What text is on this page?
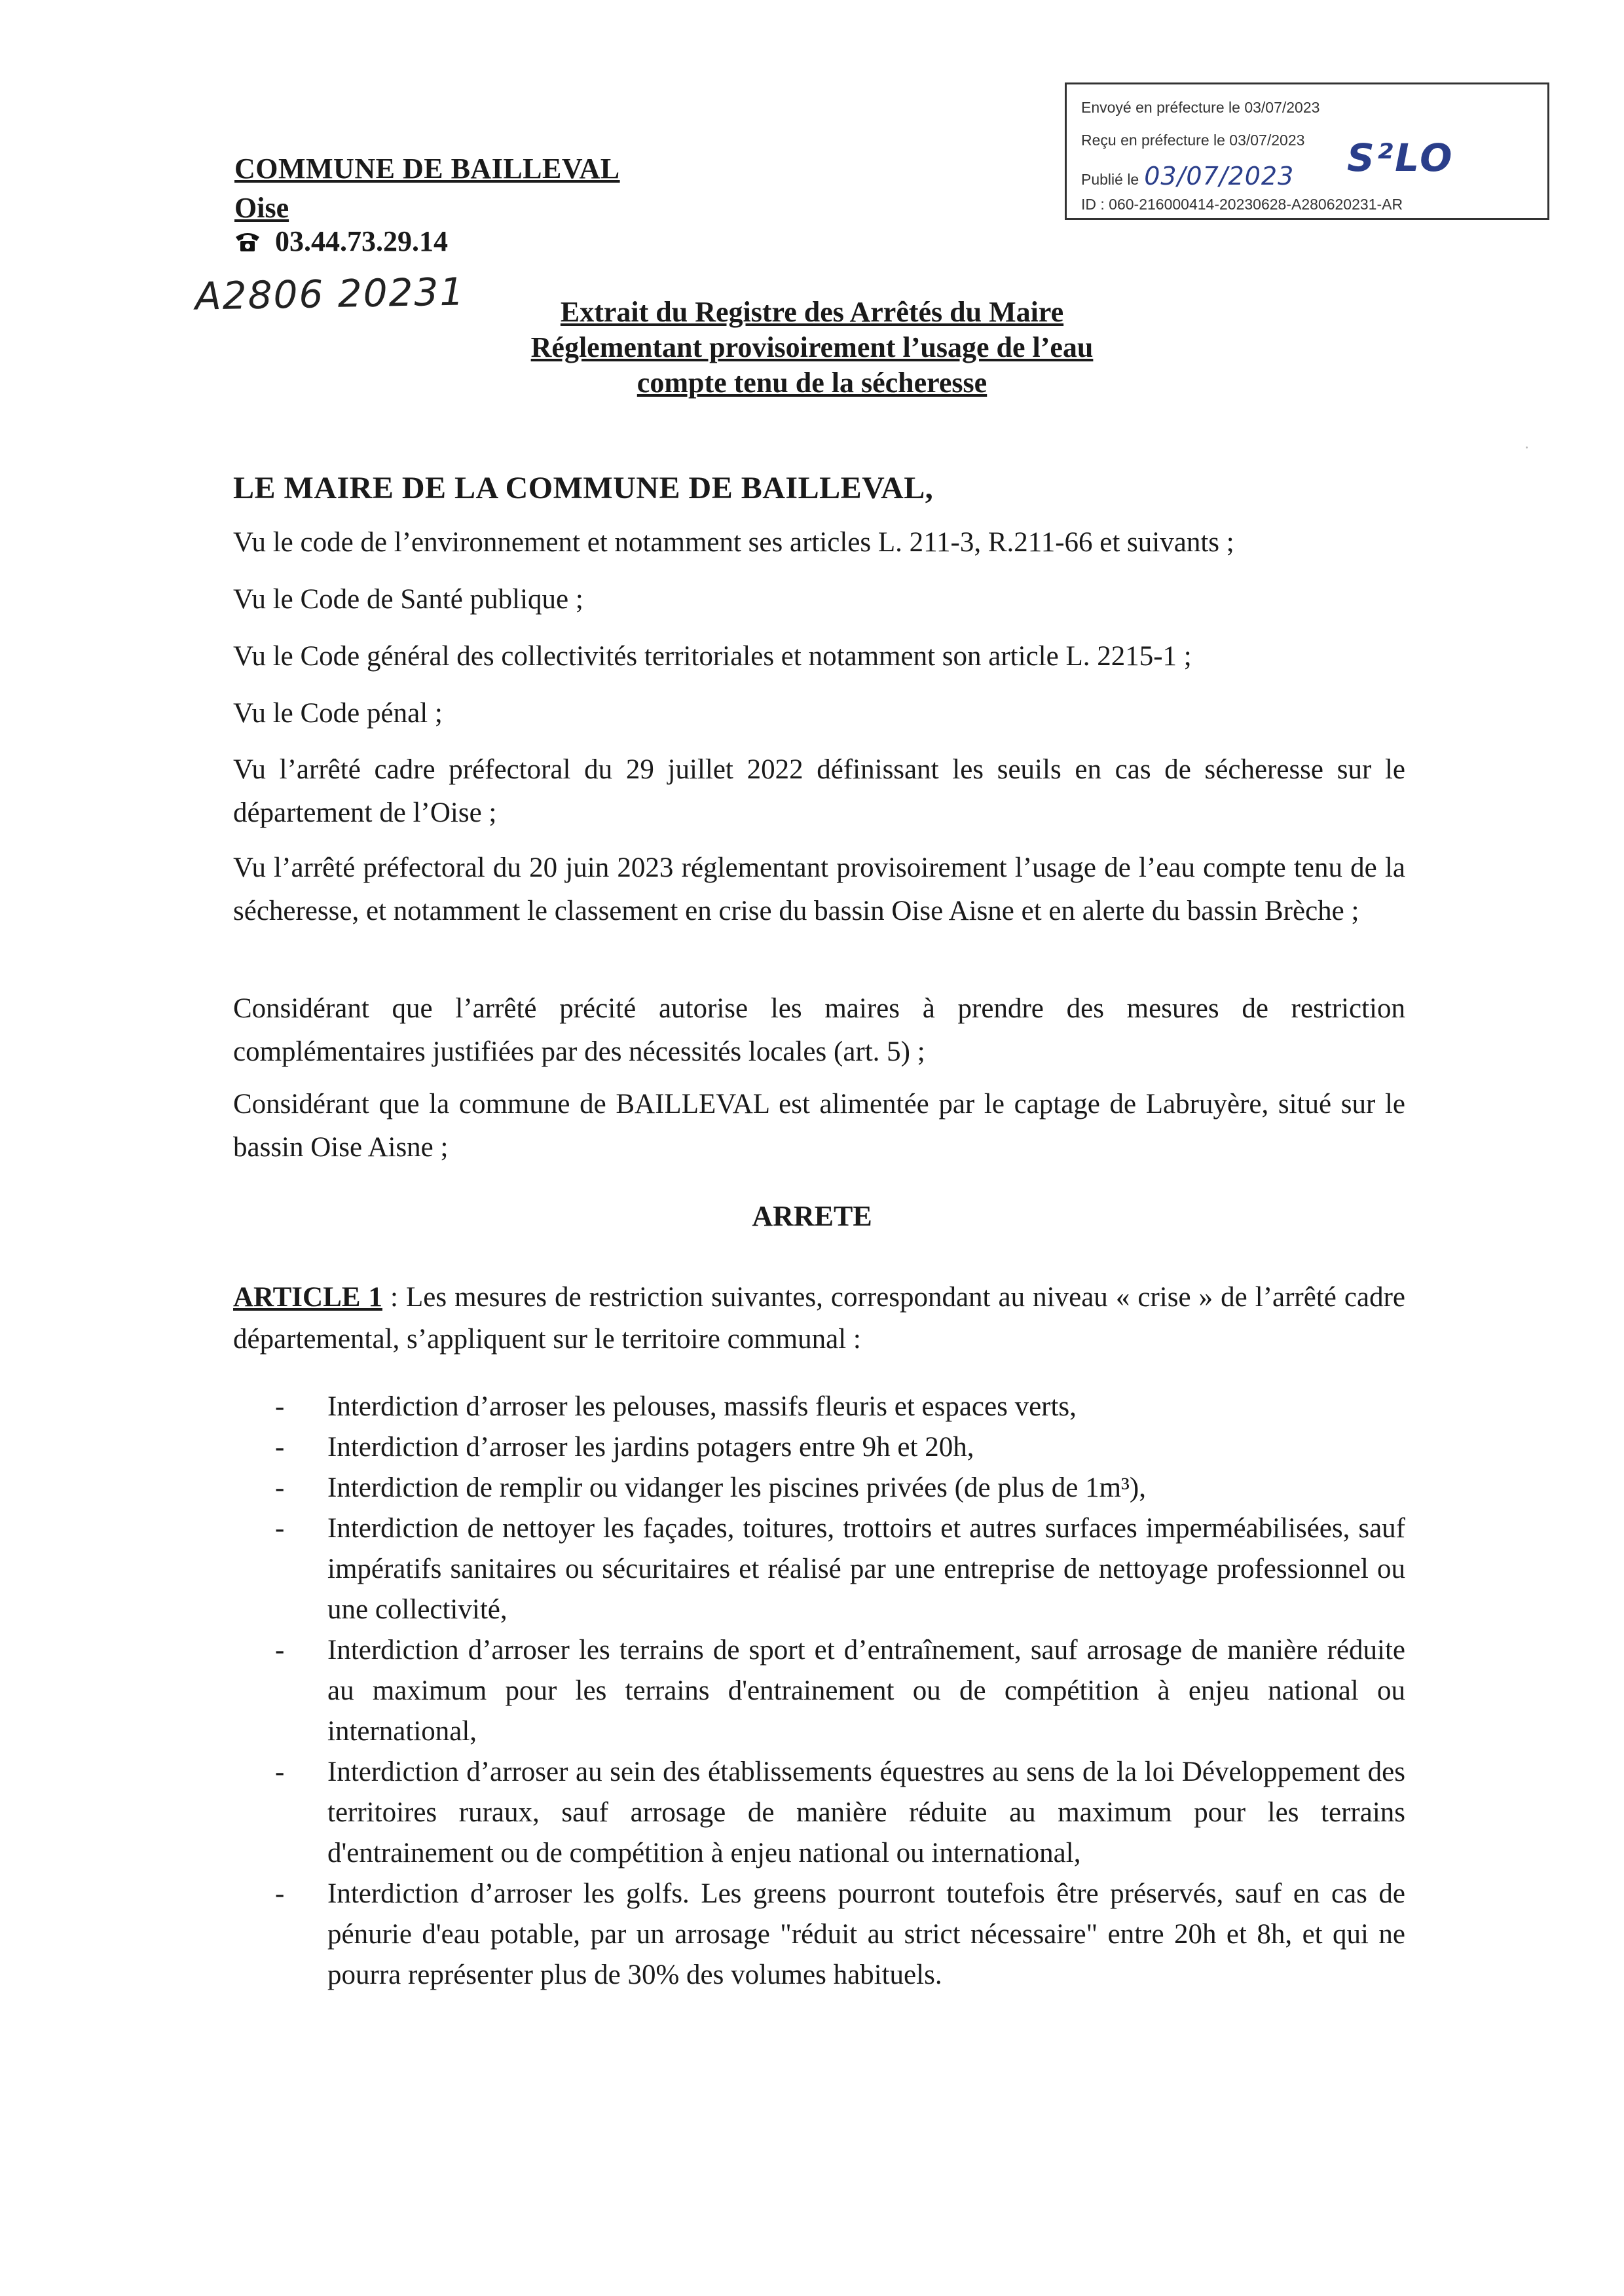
COMMUNE DE BAILLEVAL
Oise
03.44.73.29.14
A2806 20231
Envoyé en préfecture le 03/07/2023
Reçu en préfecture le 03/07/2023
Publié le 03/07/2023
ID : 060-216000414-20230628-A280620231-AR
S²LO
Extrait du Registre des Arrêtés du Maire
Réglementant provisoirement l’usage de l’eau
compte tenu de la sécheresse
LE MAIRE DE LA COMMUNE DE BAILLEVAL,
Vu le code de l’environnement et notamment ses articles L. 211-3, R.211-66 et suivants ;
Vu le Code de Santé publique ;
Vu le Code général des collectivités territoriales et notamment son article L. 2215-1 ;
Vu le Code pénal ;
Vu l’arrêté cadre préfectoral du 29 juillet 2022 définissant les seuils en cas de sécheresse sur le département de l’Oise ;
Vu l’arrêté préfectoral du 20 juin 2023 réglementant provisoirement l’usage de l’eau compte tenu de la sécheresse, et notamment le classement en crise du bassin Oise Aisne et en alerte du bassin Brèche ;
Considérant que l’arrêté précité autorise les maires à prendre des mesures de restriction complémentaires justifiées par des nécessités locales (art. 5) ;
Considérant que la commune de BAILLEVAL est alimentée par le captage de Labruyère, situé sur le bassin Oise Aisne ;
ARRETE
ARTICLE 1 : Les mesures de restriction suivantes, correspondant au niveau « crise » de l’arrêté cadre départemental, s’appliquent sur le territoire communal :
- Interdiction d’arroser les pelouses, massifs fleuris et espaces verts,
- Interdiction d’arroser les jardins potagers entre 9h et 20h,
- Interdiction de remplir ou vidanger les piscines privées (de plus de 1m³),
- Interdiction de nettoyer les façades, toitures, trottoirs et autres surfaces imperméabilisées, sauf impératifs sanitaires ou sécuritaires et réalisé par une entreprise de nettoyage professionnel ou une collectivité,
- Interdiction d’arroser les terrains de sport et d’entraînement, sauf arrosage de manière réduite au maximum pour les terrains d'entrainement ou de compétition à enjeu national ou international,
- Interdiction d’arroser au sein des établissements équestres au sens de la loi Développement des territoires ruraux, sauf arrosage de manière réduite au maximum pour les terrains d'entrainement ou de compétition à enjeu national ou international,
- Interdiction d’arroser les golfs. Les greens pourront toutefois être préservés, sauf en cas de pénurie d'eau potable, par un arrosage "réduit au strict nécessaire" entre 20h et 8h, et qui ne pourra représenter plus de 30% des volumes habituels.
